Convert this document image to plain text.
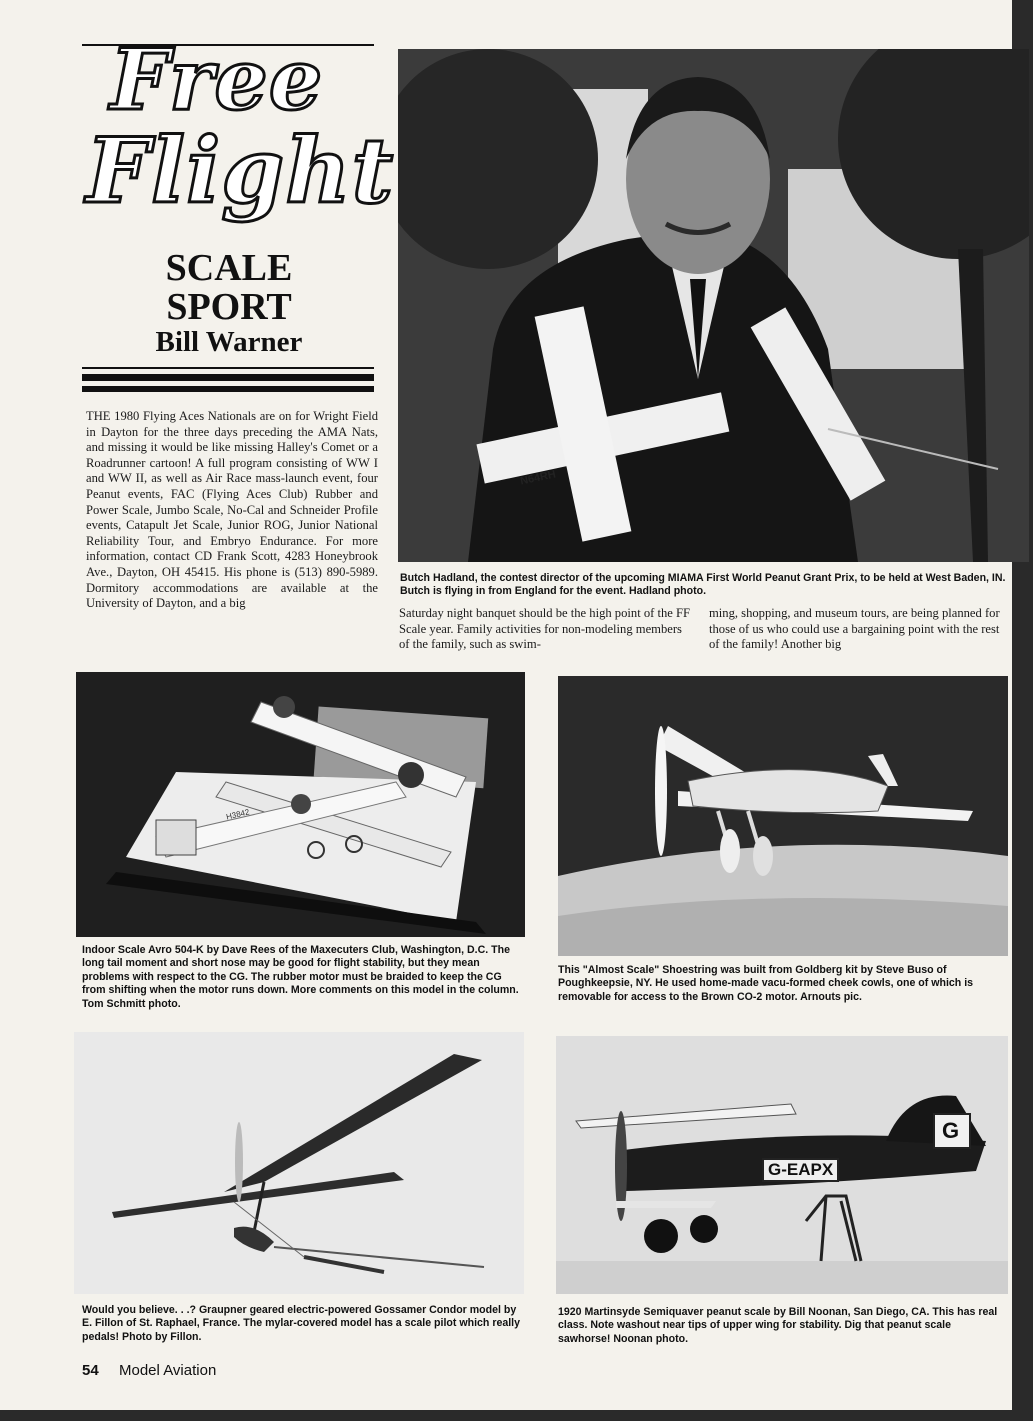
Free
Flight
SCALE
SPORT
Bill Warner
THE 1980 Flying Aces Nationals are on for Wright Field in Dayton for the three days preceding the AMA Nats, and missing it would be like missing Halley's Comet or a Roadrunner cartoon! A full program consisting of WW I and WW II, as well as Air Race mass-launch event, four Peanut events, FAC (Flying Aces Club) Rubber and Power Scale, Jumbo Scale, No-Cal and Schneider Profile events, Catapult Jet Scale, Junior ROG, Junior National Reliability Tour, and Embryo Endurance. For more information, contact CD Frank Scott, 4283 Honeybrook Ave., Dayton, OH 45415. His phone is (513) 890-5989. Dormitory accommodations are available at the University of Dayton, and a big
N64RH
Butch Hadland, the contest director of the upcoming MIAMA First World Peanut Grant Prix, to be held at West Baden, IN. Butch is flying in from England for the event. Hadland photo.
Saturday night banquet should be the high point of the FF Scale year. Family activities for non-modeling members of the family, such as swim-
ming, shopping, and museum tours, are being planned for those of us who could use a bargaining point with the rest of the family! Another big
H3842
Indoor Scale Avro 504-K by Dave Rees of the Maxecuters Club, Washington, D.C. The long tail moment and short nose may be good for flight stability, but they mean problems with respect to the CG. The rubber motor must be braided to keep the CG from shifting when the motor runs down. More comments on this model in the column. Tom Schmitt photo.
This "Almost Scale" Shoestring was built from Goldberg kit by Steve Buso of Poughkeepsie, NY. He used home-made vacu-formed cheek cowls, one of which is removable for access to the Brown CO-2 motor. Arnouts pic.
Would you believe. . .? Graupner geared electric-powered Gossamer Condor model by E. Fillon of St. Raphael, France. The mylar-covered model has a scale pilot which really pedals! Photo by Fillon.
G-EAPX
G
1920 Martinsyde Semiquaver peanut scale by Bill Noonan, San Diego, CA. This has real class. Note washout near tips of upper wing for stability. Dig that peanut scale sawhorse! Noonan photo.
54 Model Aviation
